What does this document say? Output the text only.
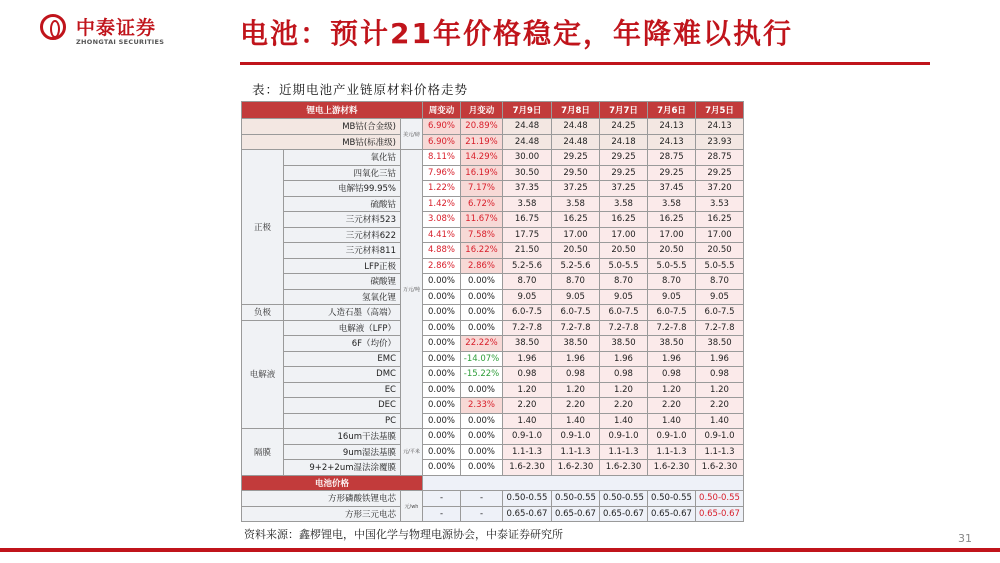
中泰证券
ZHONGTAI SECURITIES	电池：预计21年价格稳定，年降难以执行
表：近期电池产业链原材料价格走势
锂电上游材料			周变动	月变动	7月9日	7月8日	7月7日	7月6日	7月5日
MB钴(合金级)		美元/磅	6.90%	20.89%	24.48	24.48	24.25	24.13	24.13
MB钴(标准级)			6.90%	21.19%	24.48	24.48	24.18	24.13	23.93
正极	氧化钴	万元/吨	8.11%	14.29%	30.00	29.25	29.25	28.75	28.75
	四氧化三钴		7.96%	16.19%	30.50	29.50	29.25	29.25	29.25
	电解钴99.95%		1.22%	7.17%	37.35	37.25	37.25	37.45	37.20
	硫酸钴		1.42%	6.72%	3.58	3.58	3.58	3.58	3.53
	三元材料523		3.08%	11.67%	16.75	16.25	16.25	16.25	16.25
	三元材料622		4.41%	7.58%	17.75	17.00	17.00	17.00	17.00
	三元材料811		4.88%	16.22%	21.50	20.50	20.50	20.50	20.50
	LFP正极		2.86%	2.86%	5.2-5.6	5.2-5.6	5.0-5.5	5.0-5.5	5.0-5.5
	碳酸锂		0.00%	0.00%	8.70	8.70	8.70	8.70	8.70
	氢氧化锂		0.00%	0.00%	9.05	9.05	9.05	9.05	9.05
负极	人造石墨（高端）		0.00%	0.00%	6.0-7.5	6.0-7.5	6.0-7.5	6.0-7.5	6.0-7.5
电解液	电解液（LFP）		0.00%	0.00%	7.2-7.8	7.2-7.8	7.2-7.8	7.2-7.8	7.2-7.8
	6F（均价）		0.00%	22.22%	38.50	38.50	38.50	38.50	38.50
	EMC		0.00%	-14.07%	1.96	1.96	1.96	1.96	1.96
	DMC		0.00%	-15.22%	0.98	0.98	0.98	0.98	0.98
	EC		0.00%	0.00%	1.20	1.20	1.20	1.20	1.20
	DEC		0.00%	2.33%	2.20	2.20	2.20	2.20	2.20
	PC		0.00%	0.00%	1.40	1.40	1.40	1.40	1.40
隔膜	16um干法基膜	元/平米	0.00%	0.00%	0.9-1.0	0.9-1.0	0.9-1.0	0.9-1.0	0.9-1.0
	9um湿法基膜		0.00%	0.00%	1.1-1.3	1.1-1.3	1.1-1.3	1.1-1.3	1.1-1.3
	9+2+2um湿法涂覆膜		0.00%	0.00%	1.6-2.30	1.6-2.30	1.6-2.30	1.6-2.30	1.6-2.30
电池价格									
方形磷酸铁锂电芯		元/wh	-	-	0.50-0.55	0.50-0.55	0.50-0.55	0.50-0.55	0.50-0.55
方形三元电芯			-	-	0.65-0.67	0.65-0.67	0.65-0.67	0.65-0.67	0.65-0.67
资料来源：鑫椤锂电，中国化学与物理电源协会，中泰证券研究所	31
